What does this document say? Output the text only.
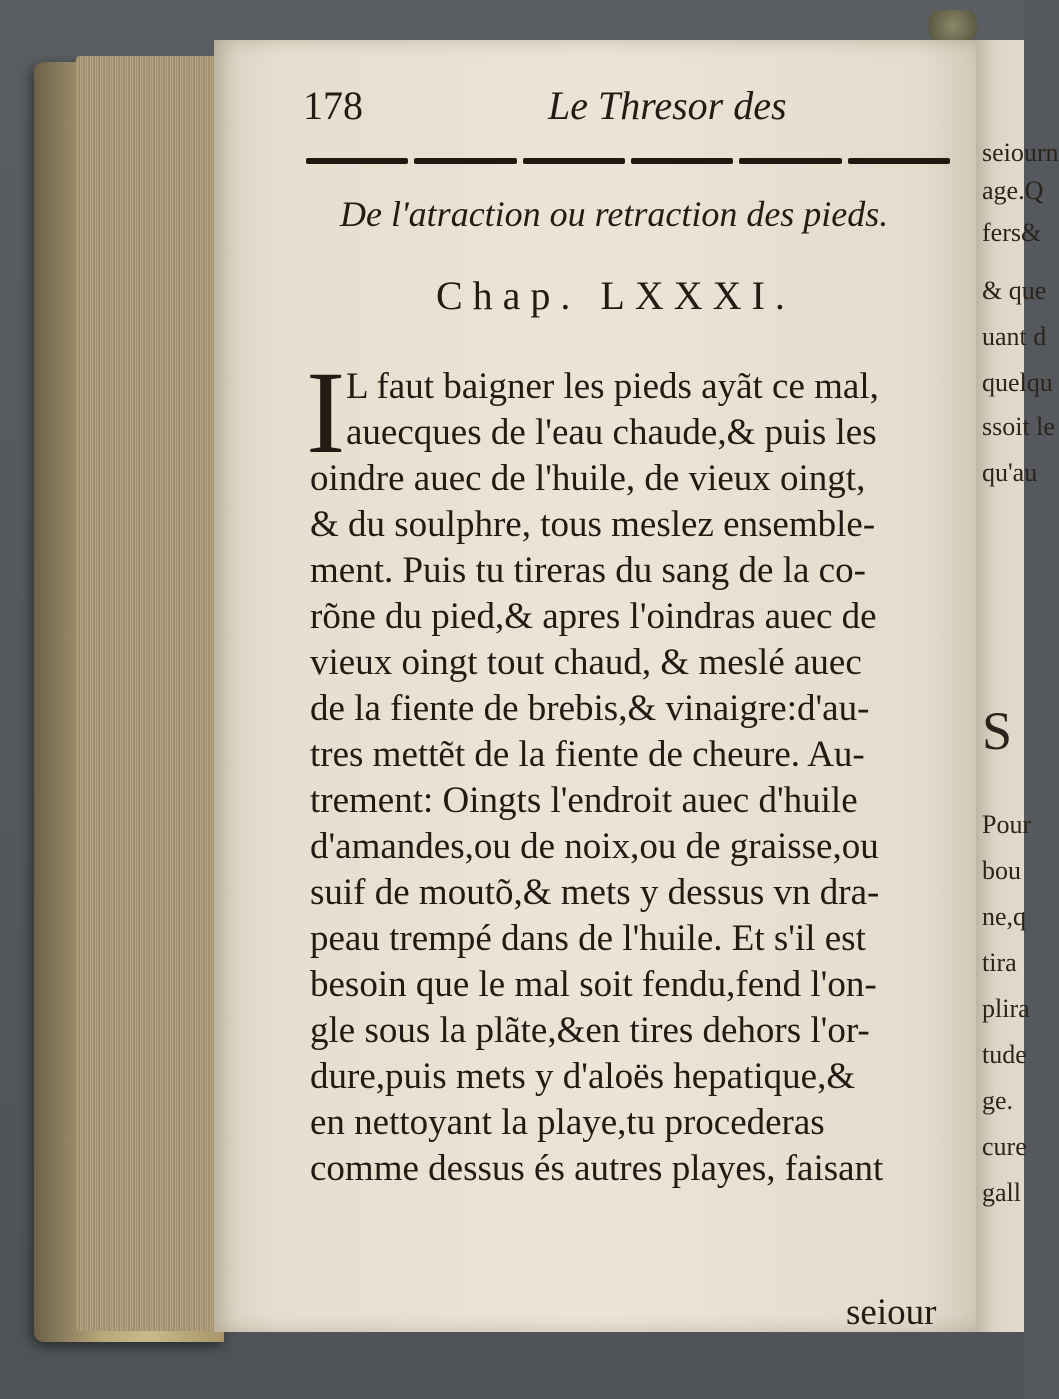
seiourn
age.Q
fers&
& que
uant d
quelqu
ssoit le
qu'au
S
Pour
bou
ne,q
tira
plira
tude
ge.
cure
gall
178	Le Thresor des
De l'atraction ou retraction des pieds.
Chap. LXXXI.
I L faut baigner les pieds ayãt ce mal,
auecques de l'eau chaude,& puis les
oindre auec de l'huile, de vieux oingt,
& du soulphre, tous meslez ensemble-
ment. Puis tu tireras du sang de la co-
rõne du pied,& apres l'oindras auec de
vieux oingt tout chaud, & meslé auec
de la fiente de brebis,& vinaigre:d'au-
tres mettẽt de la fiente de cheure. Au-
trement: Oingts l'endroit auec d'huile
d'amandes,ou de noix,ou de graisse,ou
suif de moutõ,& mets y dessus vn dra-
peau trempé dans de l'huile. Et s'il est
besoin que le mal soit fendu,fend l'on-
gle sous la plãte,&en tires dehors l'or-
dure,puis mets y d'aloës hepatique,&
en nettoyant la playe,tu procederas
comme dessus és autres playes, faisant
seiour
